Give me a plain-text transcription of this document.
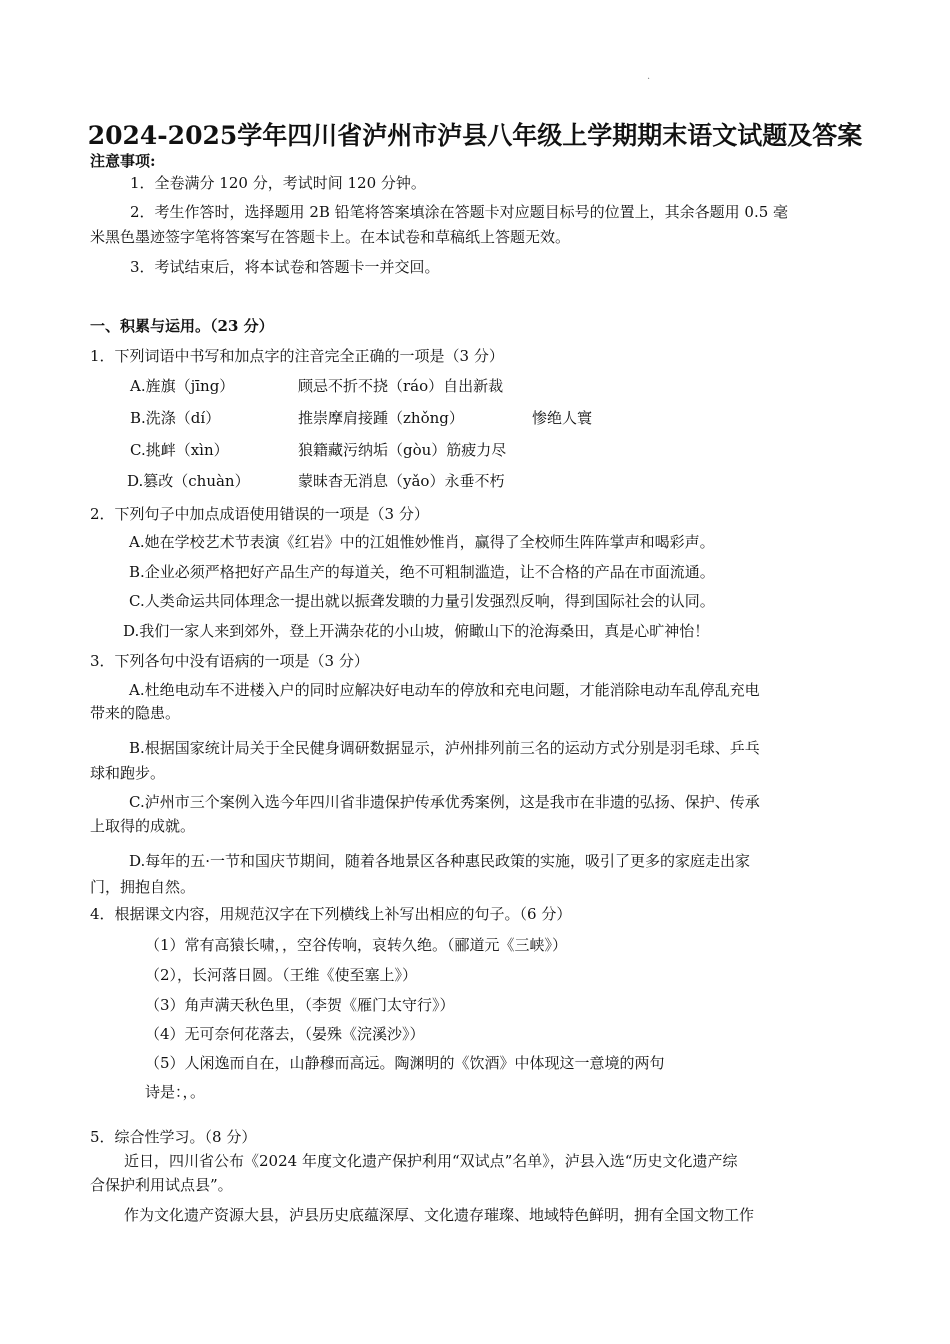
·
2024-2025学年四川省泸州市泸县八年级上学期期末语文试题及答案
注意事项:
1．全卷满分 120 分，考试时间 120 分钟。
2．考生作答时，选择题用 2B 铅笔将答案填涂在答题卡对应题目标号的位置上，其余各题用 0.5 毫
米黑色墨迹签字笔将答案写在答题卡上。在本试卷和草稿纸上答题无效。
3．考试结束后，将本试卷和答题卡一并交回。
一、积累与运用。（23 分）
1．下列词语中书写和加点字的注音完全正确的一项是（3 分）
A.旌旗（jīng）	顾忌不折不挠（ráo）自出新裁
B.洗涤（dí）	推崇摩肩接踵（zhǒng）	惨绝人寰
C.挑衅（xìn）	狼籍藏污纳垢（gòu）筋疲力尽
D.篡改（chuàn）	蒙昧杳无消息（yǎo）永垂不朽
2．下列句子中加点成语使用错误的一项是（3 分）
A.她在学校艺术节表演《红岩》中的江姐惟妙惟肖，赢得了全校师生阵阵掌声和喝彩声。
B.企业必须严格把好产品生产的每道关，绝不可粗制滥造，让不合格的产品在市面流通。
C.人类命运共同体理念一提出就以振聋发聩的力量引发强烈反响，得到国际社会的认同。
D.我们一家人来到郊外，登上开满杂花的小山坡，俯瞰山下的沧海桑田，真是心旷神怡！
3．下列各句中没有语病的一项是（3 分）
A.杜绝电动车不进楼入户的同时应解决好电动车的停放和充电问题，才能消除电动车乱停乱充电
带来的隐患。
B.根据国家统计局关于全民健身调研数据显示，泸州排列前三名的运动方式分别是羽毛球、乒乓
球和跑步。
C.泸州市三个案例入选今年四川省非遗保护传承优秀案例，这是我市在非遗的弘扬、保护、传承
上取得的成就。
D.每年的五·一节和国庆节期间，随着各地景区各种惠民政策的实施，吸引了更多的家庭走出家
门，拥抱自然。
4．根据课文内容，用规范汉字在下列横线上补写出相应的句子。（6 分）
（1）常有高猿长啸，，空谷传响，哀转久绝。（郦道元《三峡》）
（2），长河落日圆。（王维《使至塞上》）
（3）角声满天秋色里，（李贺《雁门太守行》）
（4）无可奈何花落去，（晏殊《浣溪沙》）
（5）人闲逸而自在，山静穆而高远。陶渊明的《饮酒》中体现这一意境的两句
诗是：，。
5．综合性学习。（8 分）
近日，四川省公布《2024 年度文化遗产保护利用“双试点”名单》，泸县入选“历史文化遗产综
合保护利用试点县”。
作为文化遗产资源大县，泸县历史底蕴深厚、文化遗存璀璨、地域特色鲜明，拥有全国文物工作
